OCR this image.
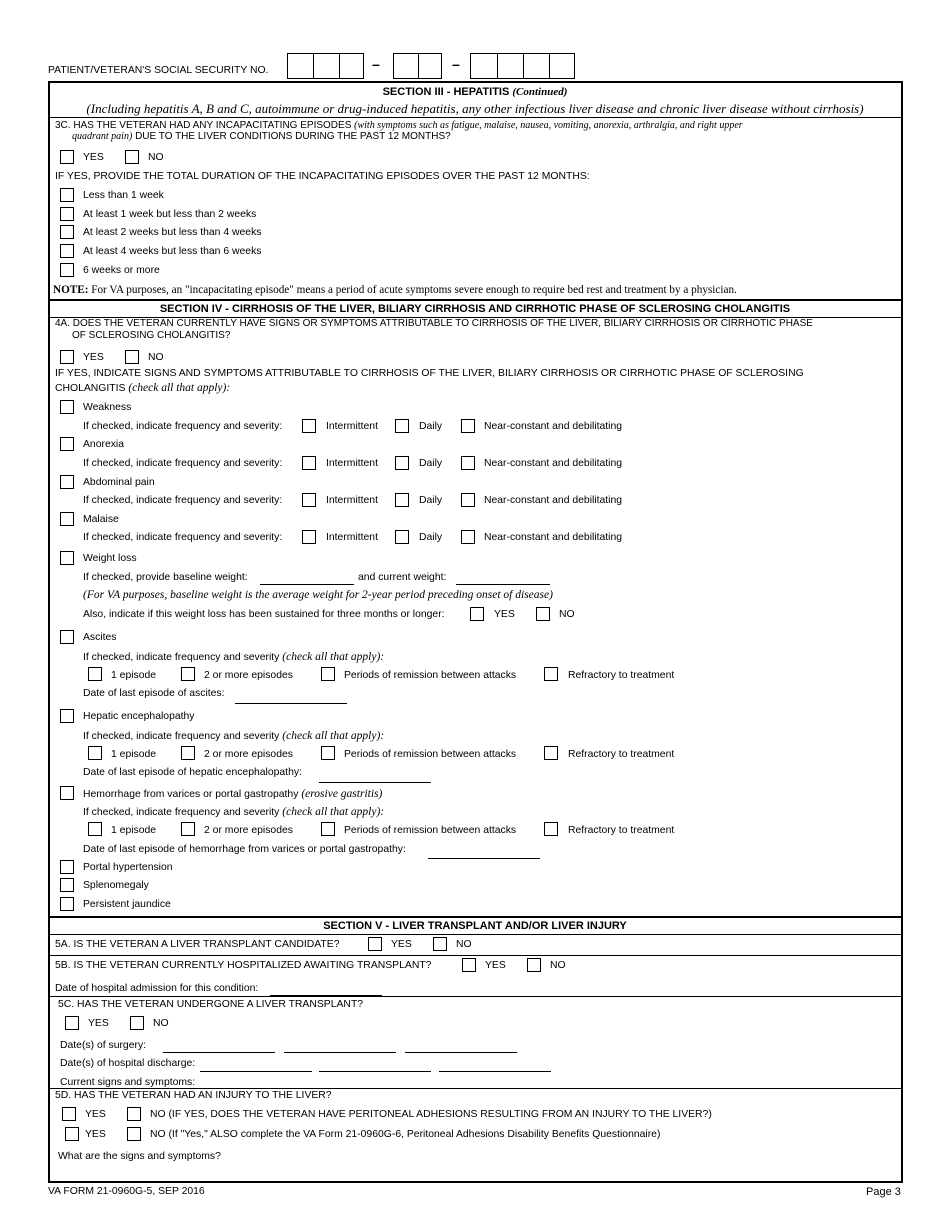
PATIENT/VETERAN'S SOCIAL SECURITY NO.	–	–
SECTION III - HEPATITIS (Continued)
(Including hepatitis A, B and C, autoimmune or drug-induced hepatitis, any other infectious liver disease and chronic liver disease without cirrhosis)
3C. HAS THE VETERAN HAD ANY INCAPACITATING EPISODES (with symptoms such as fatigue, malaise, nausea, vomiting, anorexia, arthralgia, and right upper
quadrant pain) DUE TO THE LIVER CONDITIONS DURING THE PAST 12 MONTHS?
YES	NO
IF YES, PROVIDE THE TOTAL DURATION OF THE INCAPACITATING EPISODES OVER THE PAST 12 MONTHS:
Less than 1 week
At least 1 week but less than 2 weeks
At least 2 weeks but less than 4 weeks
At least 4 weeks but less than 6 weeks
6 weeks or more
NOTE: For VA purposes, an "incapacitating episode" means a period of acute symptoms severe enough to require bed rest and treatment by a physician.
SECTION IV - CIRRHOSIS OF THE LIVER, BILIARY CIRRHOSIS AND CIRRHOTIC PHASE OF SCLEROSING CHOLANGITIS
4A. DOES THE VETERAN CURRENTLY HAVE SIGNS OR SYMPTOMS ATTRIBUTABLE TO CIRRHOSIS OF THE LIVER, BILIARY CIRRHOSIS OR CIRRHOTIC PHASE
OF SCLEROSING CHOLANGITIS?
YES	NO
IF YES, INDICATE SIGNS AND SYMPTOMS ATTRIBUTABLE TO CIRRHOSIS OF THE LIVER, BILIARY CIRRHOSIS OR CIRRHOTIC PHASE OF SCLEROSING
CHOLANGITIS (check all that apply):
Weakness
If checked, indicate frequency and severity:	Intermittent	Daily	Near-constant and debilitating
Anorexia
If checked, indicate frequency and severity:	Intermittent	Daily	Near-constant and debilitating
Abdominal pain
If checked, indicate frequency and severity:	Intermittent	Daily	Near-constant and debilitating
Malaise
If checked, indicate frequency and severity:	Intermittent	Daily	Near-constant and debilitating
Weight loss
If checked, provide baseline weight:	and current weight:
(For VA purposes, baseline weight is the average weight for 2-year period preceding onset of disease)
Also, indicate if this weight loss has been sustained for three months or longer:	YES	NO
Ascites
If checked, indicate frequency and severity (check all that apply):
1 episode	2 or more episodes	Periods of remission between attacks	Refractory to treatment
Date of last episode of ascites:
Hepatic encephalopathy
If checked, indicate frequency and severity (check all that apply):
1 episode	2 or more episodes	Periods of remission between attacks	Refractory to treatment
Date of last episode of hepatic encephalopathy:
Hemorrhage from varices or portal gastropathy (erosive gastritis)
If checked, indicate frequency and severity (check all that apply):
1 episode	2 or more episodes	Periods of remission between attacks	Refractory to treatment
Date of last episode of hemorrhage from varices or portal gastropathy:
Portal hypertension
Splenomegaly
Persistent jaundice
SECTION V - LIVER TRANSPLANT AND/OR LIVER INJURY
5A. IS THE VETERAN A LIVER TRANSPLANT CANDIDATE?	YES	NO
5B. IS THE VETERAN CURRENTLY HOSPITALIZED AWAITING TRANSPLANT?	YES	NO
Date of hospital admission for this condition:
5C. HAS THE VETERAN UNDERGONE A LIVER TRANSPLANT?
YES	NO
Date(s) of surgery:
Date(s) of hospital discharge:
Current signs and symptoms:
5D. HAS THE VETERAN HAD AN INJURY TO THE LIVER?
YES	NO (IF YES, DOES THE VETERAN HAVE PERITONEAL ADHESIONS RESULTING FROM AN INJURY TO THE LIVER?)
YES	NO (If "Yes," ALSO complete the VA Form 21-0960G-6, Peritoneal Adhesions Disability Benefits Questionnaire)
What are the signs and symptoms?
VA FORM 21-0960G-5, SEP 2016	Page 3
